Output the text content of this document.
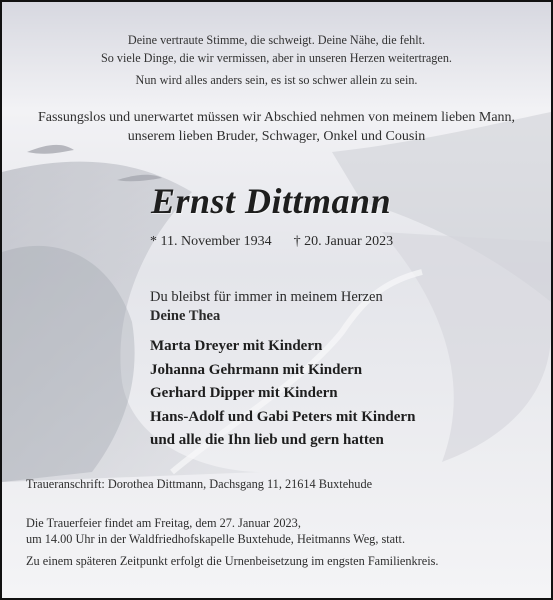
Deine vertraute Stimme, die schweigt. Deine Nähe, die fehlt.
So viele Dinge, die wir vermissen, aber in unseren Herzen weitertragen.
Nun wird alles anders sein, es ist so schwer allein zu sein.
Fassungslos und unerwartet müssen wir Abschied nehmen von meinem lieben Mann,
unserem lieben Bruder, Schwager, Onkel und Cousin
Ernst Dittmann
* 11. November 1934 † 20. Januar 2023
Du bleibst für immer in meinem Herzen
Deine Thea
Marta Dreyer mit Kindern
Johanna Gehrmann mit Kindern
Gerhard Dipper mit Kindern
Hans-Adolf und Gabi Peters mit Kindern
und alle die Ihn lieb und gern hatten
Traueranschrift: Dorothea Dittmann, Dachsgang 11, 21614 Buxtehude
Die Trauerfeier findet am Freitag, dem 27. Januar 2023,
um 14.00 Uhr in der Waldfriedhofskapelle Buxtehude, Heitmanns Weg, statt.
Zu einem späteren Zeitpunkt erfolgt die Urnenbeisetzung im engsten Familienkreis.
